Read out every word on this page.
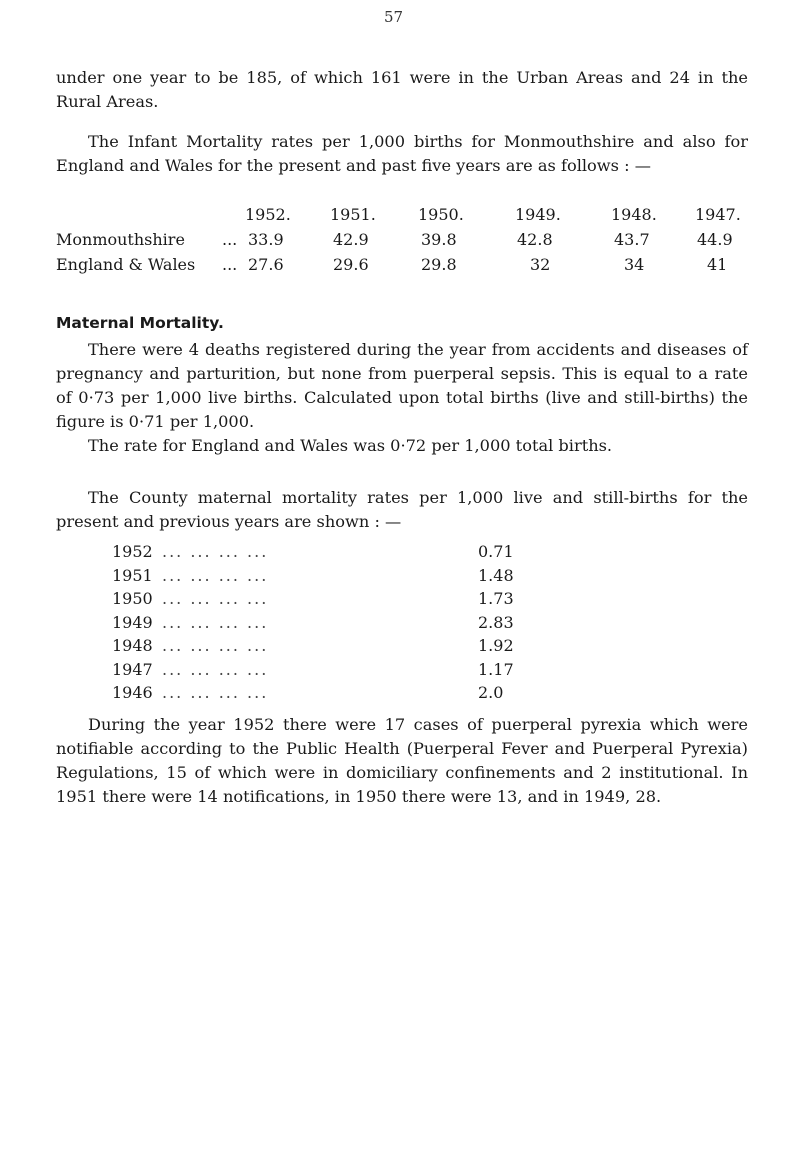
57

under one year to be 185, of which 161 were in the Urban Areas and 24 in the Rural Areas.

The Infant Mortality rates per 1,000 births for Monmouthshire and also for England and Wales for the present and past five years are as follows : —

1952. 1951.	1950.	1949.	1948. 1947.
Monmouthshire ... 33.9	42.9	39.8	42.8	43.7	44.9
England & Wales ... 27.6	29.6	29.8	32	34	41
Maternal Mortality.

There were 4 deaths registered during the year from accidents and diseases of pregnancy and parturition, but none from puerperal sepsis. This is equal to a rate of 0·73 per 1,000 live births. Calculated upon total births (live and still-births) the figure is 0·71 per 1,000.

The rate for England and Wales was 0·72 per 1,000 total births.

The County maternal mortality rates per 1,000 live and still-births for the present and previous years are shown : —

1952 ... ... ... ...	0.71
1951 ... ... ... ...	1.48
1950 ... ... ... ...	1.73
1949 ... ... ... ...	2.83
1948 ... ... ... ...	1.92
1947 ... ... ... ...	1.17
1946 ... ... ... ...	2.0

During the year 1952 there were 17 cases of puerperal pyrexia which were notifiable according to the Public Health (Puerperal Fever and Puerperal Pyrexia) Regulations, 15 of which were in domiciliary confinements and 2 institutional. In 1951 there were 14 notifications, in 1950 there were 13, and in 1949, 28.
